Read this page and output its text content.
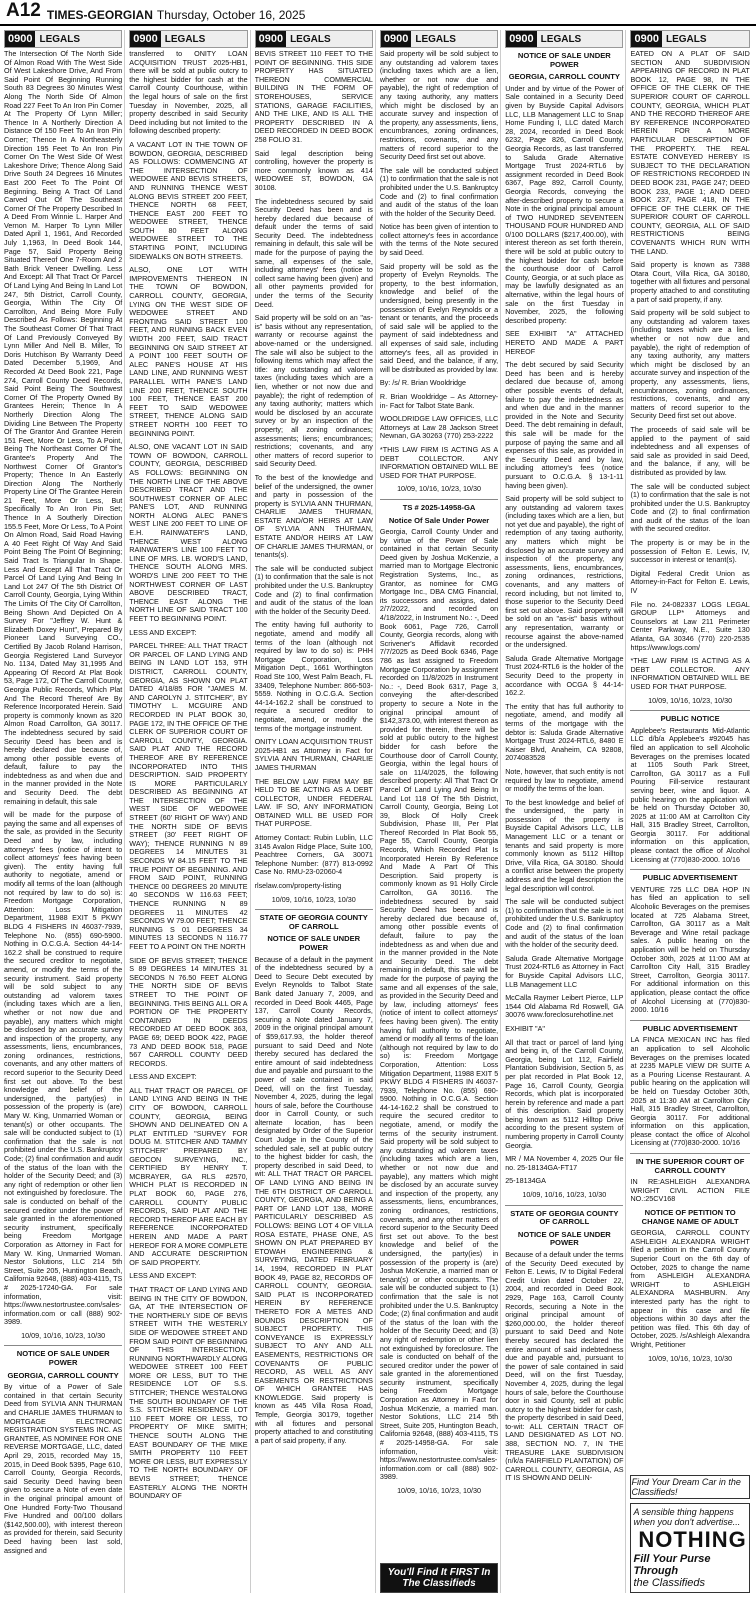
A12 TIMES-GEORGIAN Thursday, October 16, 2025
0900 LEGALS

The Intersection Of The North Side Of Almon Road With The West Side Of West Lakeshore Drive, And From Said Point Of Beginning Running South 83 Degrees 30 Minutes West Along The North Side Of Almon Road 227 Feet To An Iron Pin Corner At The Property Of Lynn Miller; Thence In A Northerly Direction A Distance Of 150 Feet To An Iron Pin Corner; Thence In A Northeasterly Direction 195 Feet To An Iron Pin Corner On The West Side Of West Lakeshore Drive; Thence Along Said Drive South 24 Degrees 16 Minutes East 200 Feet To The Point Of Beginning. Being A Tract Of Land Carved Out Of The Southeast Corner Of The Property Described In A Deed From Winnie L. Harper And Vernon M. Harper To Lynn Miller Dated April 1, 1961, And Recorded July 1,1963, In Deed Book 144, Page 57, Said Property Being Situated Thereof One 7-Room And 2 Bath Brick Veneer Dwelling. Less And Except: All That Tract Or Parcel Of Land Lying And Being In Land Lot 247, 5th District, Carroll County, Georgia, Within The City Of Carrollton, And Being More Fully Described As Follows: Beginning At The Southeast Corner Of That Tract Of Land Previously Conveyed By Lynn Miller And Nell B. Miller, To Doris Hutchison By Warranty Deed Dated December 5,1969, And Recorded At Deed Book 221, Page 274, Carroll County Deed Records, Said Point Being The Southwest Corner Of The Property Owned By Grantees Herein; Thence In A Northerly Direction Along The Dividing Line Between The Property Of The Grantor And Grantee Herein 151 Feet, More Or Less, To A Point, Being The Northeast Corner Of The Grantee's Property And The Northwest Corner Of Grantor's Property; Thence In An Easterly Direction Along The Northerly Property Line Of The Grantee Herein 21 Feet, More Or Less, But Specifically To An Iron Pin Set; Thence In A Southerly Direction 155.5 Feet, More Or Less, To A Point On Almon Road, Said Road Having A 40 Feet Right Of Way And Said Point Being The Point Of Beginning; Said Tract Is Triangular In Shape. Less And Except All That Tract Or Parcel Of Land Lying And Being In Land Lot 247 Of The 5th District Of Carroll County, Georgia, Lying Within The Limits Of The City Of Carrollton, Being Shown And Depicted On A Survey For "Jeffrey W. Hunt & Elizabeth Doxey Hunt", Prepared By Pioneer Land Surveying CO., Certified By Jacob Roland Harrison, Georgia Registered Land Surveyor No. 1134, Dated May 31,1995 And Appearing Of Record At Plat Book 53, Page 172, Of The Carroll County, Georgia Public Records, Which Plat And The Record Thereof Are By Reference Incorporated Herein. Said property is commonly known as 320 Almon Road Carrollton, GA 30117. The indebtedness secured by said Security Deed has been and is hereby declared due because of, among other possible events of default, failure to pay the indebtedness as and when due and in the manner provided in the Note and Security Deed. The debt remaining in default, this sale

will be made for the purpose of paying the same and all expenses of the sale, as provided in the Security Deed and by law, including attorneys' fees (notice of intent to collect attorneys' fees having been given). The entity having full authority to negotiate, amend or modify all terms of the loan (although not required by law to do so) is: Freedom Mortgage Corporation, Attention: Loss Mitigation Department, 11988 EXIT 5 PKWY BLDG 4 FISHERS IN 46037-7939, Telephone No. (855) 690-5900. Nothing in O.C.G.A. Section 44-14-162.2 shall be construed to require the secured creditor to negotiate, amend, or modify the terms of the security instrument. Said property will be sold subject to any outstanding ad valorem taxes (including taxes which are a lien, whether or not now due and payable), any matters which might be disclosed by an accurate survey and inspection of the property, any assessments, liens, encumbrances, zoning ordinances, restrictions, covenants, and any other matters of record superior to the Security Deed first set out above. To the best knowledge and belief of the undersigned, the party(ies) in possession of the property is (are) Mary W. King, Unmarried Woman or tenant(s) or other occupants. The sale will be conducted subject to (1) confirmation that the sale is not prohibited under the U.S. Bankruptcy Code; (2) final confirmation and audit of the status of the loan with the holder of the Security Deed; and (3) any right of redemption or other lien not extinguished by foreclosure. The sale is conducted on behalf of the secured creditor under the power of sale granted in the aforementioned security instrument, specifically being Freedom Mortgage Corporation as Attorney in Fact for Mary W. King, Unmarried Woman. Nestor Solutions, LLC 214 5th Street, Suite 205, Huntington Beach, California 92648, (888) 403-4115, TS # 2025-17240-GA. For sale information, visit: https://www.nestortrustee.com/sales-information.com or call (888) 902-3989.

10/09, 10/16, 10/23, 10/30

NOTICE OF SALE UNDER POWER
GEORGIA, CARROLL COUNTY

By virtue of a Power of Sale contained in that certain Security Deed from SYLVIA ANN THURMAN and CHARLIE JAMES THURMAN to MORTGAGE ELECTRONIC REGISTRATION SYSTEMS INC. AS GRANTEE, AS NOMINEE FOR ONE REVERSE MORTGAGE, LLC, dated April 29, 2015, recorded May 15, 2015, in Deed Book 5395, Page 610, Carroll County, Georgia Records, said Security Deed having been given to secure a Note of even date in the original principal amount of One Hundred Forty-Two Thousand Five Hundred and 00/100 dollars ($142,500.00), with interest thereon as provided for therein, said Security Deed having been last sold, assigned and

0900 LEGALS

transferred to ONITY LOAN ACQUISITION TRUST 2025-HB1, there will be sold at public outcry to the highest bidder for cash at the Carroll County Courthouse, within the legal hours of sale on the first Tuesday in November, 2025, all property described in said Security Deed including but not limited to the following described property:

A VACANT LOT IN THE TOWN OF BOWDON, GEORGIA, DESCRIBED AS FOLLOWS: COMMENCING AT THE INTERSECTION OF WEDOWEE AND BEVIS STREETS, AND RUNNING THENCE WEST ALONG BEVIS STREET 200 FEET, THENCE NORTH 68 FEET, THENCE EAST 200 FEET TO WEDOWEE STREET, THENCE SOUTH 80 FEET ALONG WEDOWEE STREET TO THE STARTING POINT, INCLUDING SIDEWALKS ON BOTH STREETS.

ALSO, ONE LOT WITH IMPROVEMENTS THEREON IN THE TOWN OF BOWDON, CARROLL COUNTY, GEORGIA, LYING ON THE WEST SIDE OF WEDOWEE STREET AND FRONTING SAID STREET 100 FEET, AND RUNNING BACK EVEN WIDTH 200 FEET, SAID TRACT BEGINNING ON SAID STREET AT A POINT 100 FEET SOUTH OF ALEC PANE'S HOUSE AT HIS LAND LINE, AND RUNNING WEST PARALLEL WITH PANE'S LAND LINE 200 FEET, THENCE SOUTH 100 FEET, THENCE EAST 200 FEET TO SAID WEDOWEE STREET, THENCE ALONG SAID STREET NORTH 100 FEET TO BEGINNING POINT.

ALSO, ONE VACANT LOT IN SAID TOWN OF BOWDON, CARROLL COUNTY, GEORGIA, DESCRIBED AS FOLLOWS: BEGINNING ON THE NORTH LINE OF THE ABOVE DESCRIBED TRACT AND THE SOUTHWEST CORNER OF ALEC PANE'S LOT, AND RUNNING NORTH ALONG ALEC PANE'S WEST LINE 200 FEET TO LINE OF E.H. RAINWATER'S LAND, THENCE WEST ALONG RAINWATER'S LINE 100 FEET TO LINE OF MRS. LB. WORD'S LAND, THENCE SOUTH ALONG MRS. WORD'S LINE 200 FEET TO THE NORTHWEST CORNER OF LAST ABOVE DESCRIBED TRACT, THENCE EAST ALONG THE NORTH LINE OF SAID TRACT 100 FEET TO BEGINNING POINT.

LESS AND EXCEPT:

PARCEL THREE: ALL THAT TRACT OR PARCEL OF LAND LYING AND BEING IN LAND LOT 153, 9TH DISTRICT, CARROLL COUNTY, GEORGIA, AS SHOWN ON PLAT DATED 4/18/85 FOR "JAMES M. AND CAROLYN J. STITCHER", BY TIMOTHY L. MCGUIRE AND RECORDED IN PLAT BOOK 30, PAGE 172, IN THE OFFICE OF THE CLERK OF SUPERIOR COURT OF CARROLL COUNTY, GEORGIA. SAID PLAT AND THE RECORD THEREOF ARE BY REFERENCE INCORPORATED INTO THIS DESCRIPTION. SAID PROPERTY IS MORE PARTICULARLY DESCRIBED AS BEGINNING AT THE INTERSECTION OF THE WEST SIDE OF WEDOWEE STREET (60' RIGHT OF WAY) AND THE NORTH SIDE OF BEVIS STREET (30' FEET RIGHT OF WAY); THENCE RUNNING N 89 DEGREES 14 MINUTES 31 SECONDS W 84.15 FEET TO THE TRUE POINT OF BEGINNING. AND FROM SAID POINT, RUNNING THENCE 00 DEGREES 20 MINUTE 40 SECONDS W 116.63 FEET; THENCE RUNNING N 89 DEGREES 11 MINUTES 42 SECONDS W 79.00 FEET; THENCE RUNNING S 01 DEGREES 34 MINUTES 13 SECONDS N 116.77 FEET TO A POINT ON THE NORTH

SIDE OF BEVIS STREET; THENCE S 89 DEGREES 14 MINUTES 31 SECONDS N 76.50 FEET ALONG THE NORTH SIDE OF BEVIS STREET TO THE POINT OF BEGINNING. THIS BEING ALL OR A PORTION OF THE PROPERTY CONTAINED IN DEEDS RECORDED AT DEED BOOK 363, PAGE 69; DEED BOOK 422, PAGE 73 AND DEED BOOK 518, PAGE 567 CARROLL COUNTY DEED RECORDS.

LESS AND EXCEPT:

ALL THAT TRACT OR PARCEL OF LAND LYING AND BEING IN THE CITY OF BOWDON, CARROLL COUNTY, GEORGIA, BEING SHOWN AND DELINEATED ON A PLAT ENTITLED "SURVEY FOR DOUG M. STITCHER AND TAMMY STITCHER" PREPARED BY GEOCON SURVEYING, INC., CERTIFIED BY HENRY T. MCBRAYER, GA RLS #2570, WHICH PLAT IS RECORDED IN PLAT BOOK 60, PAGE 276, CARROLL COUNTY PUBLIC RECORDS, SAID PLAT AND THE RECORD THEREOF ARE EACH BY REFERENCE INCORPORATED HEREIN AND MADE A PART HEREOF FOR A MORE COMPLETE AND ACCURATE DESCRIPTION OF SAID PROPERTY.

LESS AND EXCEPT:

THAT TRACT OF LAND LYING AND BEING IN THE CITY OF BOWDON, GA, AT THE INTERSECTION OF THE NORTHERLY SIDE OF BEVIS STREET WITH THE WESTERLY SIDE OF WEDOWEE STREET AND FROM SAID POINT OF BEGINNING OF THIS INTERSECTION, RUNNING NORTHWARDLY ALONG WEDOWEE STREET 100 FEET MORE OR LESS, BUT TO THE RESIDENCE LOT OF S.S. STITCHER; THENCE WESTALONG THE SOUTH BOUNDARY OF THE S.S. STITCHER RESIDENCE LOT 110 FEET MORE OR LESS, TO PROPERTY OF MIKE SMITH; THENCE SOUTH ALONG THE EAST BOUNDARY OF THE MIKE SMITH PROPERTY 110 FEET MORE OR LESS, BUT EXPRESSLY TO THE NORTH BOUNDARY OF BEVIS STREET; THENCE EASTERLY ALONG THE NORTH BOUNDARY OF

0900 LEGALS

BEVIS STREET 110 FEET TO THE POINT OF BEGINNING. THIS SIDE PROPERTY HAS SITUATED THEREON COMMERCIAL BUILDING IN THE FORM OF STOREHOUSES, SERVICE STATIONS, GARAGE FACILITIES, AND THE LIKE, AND IS ALL THE PROPERTY DESCRIBED IN A DEED RECORDED IN DEED BOOK 258 FOLIO 31.

Said legal description being controlling, however the property is more commonly known as 414 WEDOWEE ST, BOWDON, GA 30108.

The indebtedness secured by said Security Deed has been and is hereby declared due because of default under the terms of said Security Deed. The indebtedness remaining in default, this sale will be made for the purpose of paying the same, all expenses of the sale, including attorneys' fees (notice to collect same having been given) and all other payments provided for under the terms of the Security Deed.

Said property will be sold on an "as-is" basis without any representation, warranty or recourse against the above-named or the undersigned. The sale will also be subject to the following items which may affect the title: any outstanding ad valorem taxes (including taxes which are a lien, whether or not now due and payable); the right of redemption of any taxing authority; matters which would be disclosed by an accurate survey or by an inspection of the property; all zoning ordinances; assessments; liens; encumbrances; restrictions; covenants, and any other matters of record superior to said Security Deed.

To the best of the knowledge and belief of the undersigned, the owner and party in possession of the property is SYLVIA ANN THURMAN, CHARLIE JAMES THURMAN, ESTATE AND/OR HEIRS AT LAW OF SYLVIA ANN THURMAN, ESTATE AND/OR HEIRS AT LAW OF CHARLIE JAMES THURMAN, or tenants(s).

The sale will be conducted subject (1) to confirmation that the sale is not prohibited under the U.S. Bankruptcy Code and (2) to final confirmation and audit of the status of the loan with the holder of the Security Deed.

The entity having full authority to negotiate, amend and modify all terms of the loan (although not required by law to do so) is: PHH Mortgage Corporation, Loss Mitigation Dept., 1661 Worthington Road Ste 100, West Palm Beach, FL 33409, Telephone Number: 866-503-5559. Nothing in O.C.G.A. Section 44-14-162.2 shall be construed to require a secured creditor to negotiate, amend, or modify the terms of the mortgage instrument.

ONITY LOAN ACQUISITION TRUST 2025-HB1 as Attorney in Fact for SYLVIA ANN THURMAN, CHARLIE JAMES THURMAN

THE BELOW LAW FIRM MAY BE HELD TO BE ACTING AS A DEBT COLLECTOR, UNDER FEDERAL LAW. IF SO, ANY INFORMATION OBTAINED WILL BE USED FOR THAT PURPOSE.

Attorney Contact: Rubin Lublin, LLC 3145 Avalon Ridge Place, Suite 100, Peachtree Corners, GA 30071 Telephone Number: (877) 813-0992 Case No. RMU-23-02060-4

rlselaw.com/property-listing

10/09, 10/16, 10/23, 10/30

STATE OF GEORGIA COUNTY OF CARROLL
NOTICE OF SALE UNDER POWER

Because of a default in the payment of the indebtedness secured by a Deed to Secure Debt executed by Evelyn Reynolds to Talbot State Bank dated January 7, 2009, and recorded in Deed Book 4465, Page 137, Carroll County Records, securing a Note dated January 7, 2009 in the original principal amount of $59,617.93, the holder thereof pursuant to said Deed and Note thereby secured has declared the entire amount of said indebtedness due and payable and pursuant to the power of sale contained in said Deed, will on the first Tuesday, November 4, 2025, during the legal hours of sale, before the Courthouse door in Carroll County, or such alternate location, has been designated by Order of the Superior Court Judge in the County of the scheduled sale, sell at public outcry to the highest bidder for cash, the property described in said Deed, to wit: ALL THAT TRACT OR PARCEL OF LAND LYING AND BEING IN THE 6TH DISTRICT OF CARROLL COUNTY, GEORGIA, AND BEING A PART OF LAND LOT 138, MORE PARTICULARLY DESCRIBED AS FOLLOWS: BEING LOT 4 OF VILLA ROSA ESTATE, PHASE ONE, AS SHOWN ON PLAT PREPARED BY ETOWAH ENGINEERING & SURVEYING, DATED FEBRUARY 14, 1994, RECORDED IN PLAT BOOK 49, PAGE 82, RECORDS OF CARROLL COUNTY, GEORGIA. SAID PLAT IS INCORPORATED HEREIN BY REFERENCE THERETO FOR A METES AND BOUNDS DESCRIPTION OF SUBJECT PROPERTY. THIS CONVEYANCE IS EXPRESSLY SUBJECT TO ANY AND ALL EASEMENTS, RESTRICTIONS OR COVENANTS OF PUBLIC RECORD, AS WELL AS ANY EASEMENTS OR RESTRICTIONS OF WHICH GRANTEE HAS KNOWLEDGE. Said property is known as 445 Villa Rosa Road, Temple, Georgia 30179, together with all fixtures and personal property attached to and constituting a part of said property, if any.

0900 LEGALS

Said property will be sold subject to any outstanding ad valorem taxes (including taxes which are a lien, whether or not now due and payable), the right of redemption of any taxing authority, any matters which might be disclosed by an accurate survey and inspection of the property, any assessments, liens, encumbrances, zoning ordinances, restrictions, covenants, and any matters of record superior to the Security Deed first set out above.

The sale will be conducted subject (1) to confirmation that the sale is not prohibited under the U.S. Bankruptcy Code and (2) to final confirmation and audit of the status of the loan with the holder of the Security Deed.

Notice has been given of intention to collect attorney's fees in accordance with the terms of the Note secured by said Deed.

Said property will be sold as the property of Evelyn Reynolds. The property, to the best information, knowledge and belief of the undersigned, being presently in the possession of Evelyn Reynolds or a tenant or tenants, and the proceeds of said sale will be applied to the payment of said indebtedness and all expenses of said sale, including attorney's fees, all as provided in said Deed, and the balance, if any, will be distributed as provided by law.

By: /s/ R. Brian Wooldridge

R. Brian Wooldridge – As Attorney-in- Fact for Talbot State Bank.

WOOLDRIDGE LAW OFFICES, LLC Attorneys at Law 28 Jackson Street Newnan, GA 30263 (770) 253-2222

*THIS LAW FIRM IS ACTING AS A DEBT COLLECTOR. ANY INFORMATION OBTAINED WILL BE USED FOR THAT PURPOSE.

10/09, 10/16, 10/23, 10/30

TS # 2025-14958-GA
Notice Of Sale Under Power

Georgia, Carroll County Under and by virtue of the Power of Sale contained in that certain Security Deed given by Joshua McKenzie, a married man to Mortgage Electronic Registration Systems, Inc., as Grantor, as nominee for CMG Mortgage Inc., DBA CMG Financial, its successors and assigns, dated 2/7/2022, and recorded on 4/18/2022, in Instrument No.: -, Deed Book 6061, Page 726, Carroll County, Georgia records, along with Scrivener's Affidavit recorded 7/7/2025 as Deed Book 6346, Page 786 as last assigned to Freedom Mortgage Corporation by assignment recorded on 11/8/2025 in Instrument No.: -, Deed Book 6317, Page 3, conveying the after-described property to secure a Note in the original principal amount of $142,373.00, with interest thereon as provided for therein, there will be sold at public outcry to the highest bidder for cash before the Courthouse door of Carroll County, Georgia, within the legal hours of sale on 11/4/2025, the following described property: All That Tract Or Parcel Of Land Lying And Being In Land Lot 118 Of The 5th District, Carroll County, Georgia, Being Lot 39, Block Of Holly Creek Subdivision, Phase III, Per Plat Thereof Recorded In Plat Book 55, Page 55, Carroll County, Georgia Records, Which Recorded Plat Is Incorporated Herein By Reference And Made A Part Of This Description. Said property is commonly known as 91 Holly Circle Carrollton, GA 30116. The indebtedness secured by said Security Deed has been and is hereby declared due because of, among other possible events of default, failure to pay the indebtedness as and when due and in the manner provided in the Note and Security Deed. The debt remaining in default, this sale will be made for the purpose of paying the same and all expenses of the sale, as provided in the Security Deed and by law, including attorneys' fees (notice of intent to collect attorneys' fees having been given). The entity having full authority to negotiate, amend or modify all terms of the loan (although not required by law to do so) is: Freedom Mortgage Corporation, Attention: Loss Mitigation Department, 11988 EXIT 5 PKWY BLDG 4 FISHERS IN 46037-7939, Telephone No. (855) 690-5900. Nothing in O.C.G.A. Section 44-14-162.2 shall be construed to require the secured creditor to negotiate, amend, or modify the terms of the security instrument. Said property will be sold subject to any outstanding ad valorem taxes (including taxes which are a lien, whether or not now due and payable), any matters which might be disclosed by an accurate survey and inspection of the property, any assessments, liens, encumbrances, zoning ordinances, restrictions, covenants, and any other matters of record superior to the Security Deed first set out above. To the best knowledge and belief of the undersigned, the party(ies) in possession of the property is (are) Joshua McKenzie, a married man or tenant(s) or other occupants. The sale will be conducted subject to (1) confirmation that the sale is not prohibited under the U.S. Bankruptcy Code; (2) final confirmation and audit of the status of the loan with the holder of the Security Deed; and (3) any right of redemption or other lien not extinguished by foreclosure. The sale is conducted on behalf of the secured creditor under the power of sale granted in the aforementioned security instrument, specifically being Freedom Mortgage Corporation as Attorney in Fact for Joshua McKenzie, a married man. Nestor Solutions, LLC 214 5th Street, Suite 205, Huntington Beach, California 92648, (888) 403-4115, TS # 2025-14958-GA. For sale information, visit: https://www.nestortrustee.com/sales-information.com or call (888) 902-3989.

10/09, 10/16, 10/23, 10/30

You'll Find It FIRST In The Classifieds
0900 LEGALS
NOTICE OF SALE UNDER POWER
GEORGIA, CARROLL COUNTY

Under and by virtue of the Power of Sale contained in a Security Deed given by Buyside Capital Advisors LLC, LLB Management LLC to Snap Home Funding I, LLC dated March 28, 2024, recorded in Deed Book 6232, Page 826, Carroll County, Georgia Records, as last transferred to Saluda Grade Alternative Mortgage Trust 2024-RTL6 by assignment recorded in Deed Book 6367, Page 892, Carroll County, Georgia Records, conveying the after-described property to secure a Note in the original principal amount of TWO HUNDRED SEVENTEEN THOUSAND FOUR HUNDRED AND 0/100 DOLLARS ($217,400.00), with interest thereon as set forth therein, there will be sold at public outcry to the highest bidder for cash before the courthouse door of Carroll County, Georgia, or at such place as may be lawfully designated as an alternative, within the legal hours of sale on the first Tuesday in November, 2025, the following described property:

SEE EXHIBIT "A" ATTACHED HERETO AND MADE A PART HEREOF

The debt secured by said Security Deed has been and is hereby declared due because of, among other possible events of default, failure to pay the indebtedness as and when due and in the manner provided in the Note and Security Deed. The debt remaining in default, this sale will be made for the purpose of paying the same and all expenses of this sale, as provided in the Security Deed and by law, including attorney's fees (notice pursuant to O.C.G.A. § 13-1-11 having been given).

Said property will be sold subject to any outstanding ad valorem taxes (including taxes which are a lien, but not yet due and payable), the right of redemption of any taxing authority, any matters which might be disclosed by an accurate survey and inspection of the property, any assessments, liens, encumbrances, zoning ordinances, restrictions, covenants, and any matters of record including, but not limited to, those superior to the Security Deed first set out above. Said property will be sold on an "as-is" basis without any representation, warranty or recourse against the above-named or the undersigned.

Saluda Grade Alternative Mortgage Trust 2024-RTL6 is the holder of the Security Deed to the property in accordance with OCGA § 44-14-162.2.

The entity that has full authority to negotiate, amend, and modify all terms of the mortgage with the debtor is: Saluda Grade Alternative Mortgage Trust 2024-RTL6, 8480 E Kaiser Blvd, Anaheim, CA 92808, 2074083528

Note, however, that such entity is not required by law to negotiate, amend or modify the terms of the loan.

To the best knowledge and belief of the undersigned, the party in possession of the property is Buyside Capital Advisors LLC, LLB Management LLC or a tenant or tenants and said property is more commonly known as 5112 Hilltop Drive, Villa Rica, GA 30180. Should a conflict arise between the property address and the legal description the legal description will control.

The sale will be conducted subject (1) to confirmation that the sale is not prohibited under the U.S. Bankruptcy Code and (2) to final confirmation and audit of the status of the loan with the holder of the security deed.

Saluda Grade Alternative Mortgage Trust 2024-RTL6 as Attorney in Fact for Buyside Capital Advisors LLC, LLB Management LLC

McCalla Raymer Leibert Pierce, LLP 1544 Old Alabama Rd Roswell, GA 30076 www.foreclosurehotline.net

EXHIBIT "A"

All that tract or parcel of land lying and being in, of the Carroll County, Georgia, being Lot 112, Fairfield Plantation Subdivision, Section 5, as per plat recorded in Plat Book 12, Page 16, Carroll County, Georgia Records, which plat is incorporated herein by reference and made a part of this description. Said property being known as 5112 Hilltop Drive according to the present system of numbering property in Carroll County Georgia.

MR / MA November 4, 2025 Our file no. 25-18134GA-FT17

25-18134GA

10/09, 10/16, 10/23, 10/30

STATE OF GEORGIA COUNTY OF CARROLL
NOTICE OF SALE UNDER POWER

Because of a default under the terms of the Security Deed executed by Felton E. Lewis, IV to Digital Federal Credit Union dated October 22, 2004, and recorded in Deed Book 2929, Page 163, Carroll County Records, securing a Note in the original principal amount of $260,000.00, the holder thereof pursuant to said Deed and Note thereby secured has declared the entire amount of said indebtedness due and payable and, pursuant to the power of sale contained in said Deed, will on the first Tuesday, November 4, 2025, during the legal hours of sale, before the Courthouse door in said County, sell at public outcry to the highest bidder for cash, the property described in said Deed, to-wit: ALL CERTAIN TRACT OF LAND DESIGNATED AS LOT NO. 388, SECTION NO. 7, IN THE TREASURE LAKE SUBDIVISION (n/k/a FAIRFIELD PLANTATION) OF CARROLL COUNTY, GEORGIA, AS IT IS SHOWN AND DELIN-

0900 LEGALS

EATED ON A PLAT OF SAID SECTION AND SUBDIVISION APPEARING OF RECORD IN PLAT BOOK 12, PAGE 98, IN THE OFFICE OF THE CLERK OF THE SUPERIOR COURT OF CARROLL COUNTY, GEORGIA, WHICH PLAT AND THE RECORD THEREOF ARE BY REFERENCE INCORPORATED HEREIN FOR A MORE PARTICULAR DESCRIPTION OF THE PROPERTY. THE REAL ESTATE CONVEYED HEREBY IS SUBJECT TO THE DECLARATION OF RESTRICTIONS RECORDED IN DEED BOOK 231, PAGE 247; DEED BOOK 233, PAGE 1; AND DEED BOOK 237, PAGE 418, IN THE OFFICE OF THE CLERK OF THE SUPERIOR COURT OF CARROLL COUNTY, GEORGIA, ALL OF SAID RESTRICTIONS BEING COVENANTS WHICH RUN WITH THE LAND.

Said property is known as 7388 Otara Court, Villa Rica, GA 30180, together with all fixtures and personal property attached to and constituting a part of said property, if any.

Said property will be sold subject to any outstanding ad valorem taxes (including taxes which are a lien, whether or not now due and payable), the right of redemption of any taxing authority, any matters which might be disclosed by an accurate survey and inspection of the property, any assessments, liens, encumbrances, zoning ordinances, restrictions, covenants, and any matters of record superior to the Security Deed first set out above.

The proceeds of said sale will be applied to the payment of said indebtedness and all expenses of said sale as provided in said Deed, and the balance, if any, will be distributed as provided by law.

The sale will be conducted subject (1) to confirmation that the sale is not prohibited under the U.S. Bankruptcy Code and (2) to final confirmation and audit of the status of the loan with the secured creditor.

The property is or may be in the possession of Felton E. Lewis, IV, successor in interest or tenant(s).

Digital Federal Credit Union as Attorney-in-Fact for Felton E. Lewis, IV

File no. 24-082337 LOGS LEGAL GROUP LLP* Attorneys and Counselors at Law 211 Perimeter Center Parkway, N.E., Suite 130 Atlanta, GA 30346 (770) 220-2535 https://www.logs.com/

*THE LAW FIRM IS ACTING AS A DEBT COLLECTOR. ANY INFORMATION OBTAINED WILL BE USED FOR THAT PURPOSE.

10/09, 10/16, 10/23, 10/30

PUBLIC NOTICE

Applebee's Restaurants Mid-Atlantic LLC d/b/a Applebee's #92045 has filed an application to sell Alcoholic Beverages on the premises located at 1105 South Park Street, Carrollton, GA 30117 as a Full Pouring Fill-service restaurant serving beer, wine and liquor. A public hearing on the application will be held on Thursday October 30, 2025 at 11:00 AM at Carrollton City Hall, 315 Bradley Street, Carrollton, Georgia 30117. For additional information on this application, please contact the office of Alcohol Licensing at (770)830-2000. 10/16

PUBLIC ADVERTISEMENT

VENTURE 725 LLC DBA HOP IN has filed an application to sell Alcoholic Beverages on the premises located at 725 Alabama Street, Carrollton, GA 30117 as a Malt Beverage and Wine retail package sales. A public hearing on the application will be held on Thursday October 30th, 2025 at 11:00 AM at Carrollton City Hall, 315 Bradley Street, Carrollton, Georgia 30117. For additional information on this application, please contact the office of Alcohol Licensing at (770)830-2000. 10/16

PUBLIC ADVERTISEMENT

LA FINCA MEXICAN INC has filed an application to sell Alcoholic Beverages on the premises located at 2235 MAPLE VIEW DR SUITE A as a Pouring License Restaurant. A public hearing on the application will be held on Tuesday October 30th, 2025 at 11:30 AM at Carrollton City Hall, 315 Bradley Street, Carrollton, Georgia 30117. For additional information on this application, please contact the office of Alcohol Licensing at (770)830-2000. 10/16

IN THE SUPERIOR COURT OF CARROLL COUNTY

IN RE:ASHLEIGH ALEXANDRA WRIGHT CIVIL ACTION FILE NO.:25CV168

NOTICE OF PETITION TO CHANGE NAME OF ADULT

GEORGIA, CARROLL COUNTY ASHLEIGH ALEXANDRA WRIGHT filed a petition in the Carroll County Superior Court on the 6th day of October, 2025 to change the name from ASHLEIGH ALEXANDRA WRIGHT to ASHLEIGH ALEXANDRA MASHBURN. Any interested party has the right to appear in this case and file objections within 30 days after the petition was filed. This 6th day of October, 2025. /s/Ashleigh Alexandra Wright, Petitioner

10/09, 10/16, 10/23, 10/30

Find Your Dream Car in the Classifieds!
A sensible thing happens when you don't advertise...
NOTHING
Fill Your Purse Through
the Classifieds
